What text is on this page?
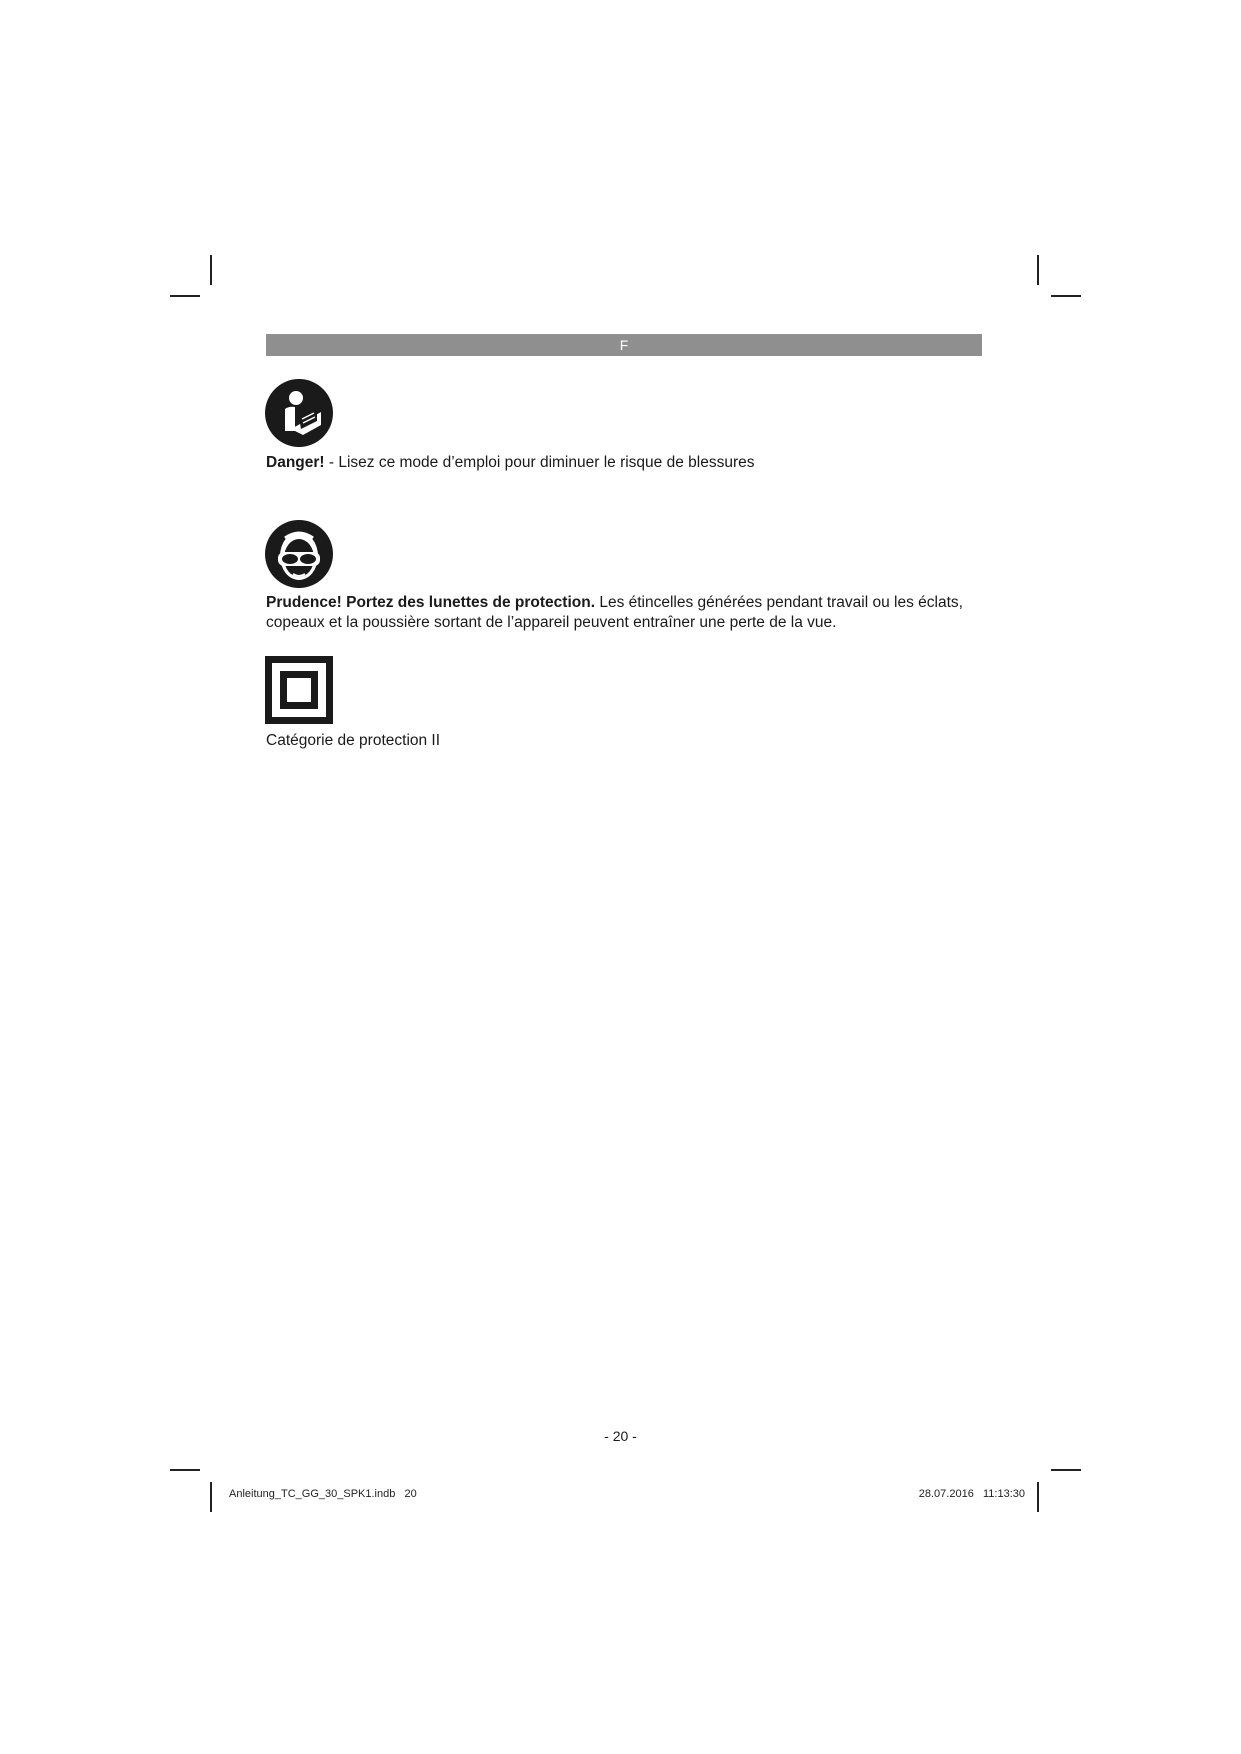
F
Danger! - Lisez ce mode d’emploi pour diminuer le risque de blessures
Prudence! Portez des lunettes de protection. Les étincelles générées pendant travail ou les éclats, copeaux et la poussière sortant de l’appareil peuvent entraîner une perte de la vue.
Catégorie de protection II
- 20 -
Anleitung_TC_GG_30_SPK1.indb   20	28.07.2016   11:13:30
